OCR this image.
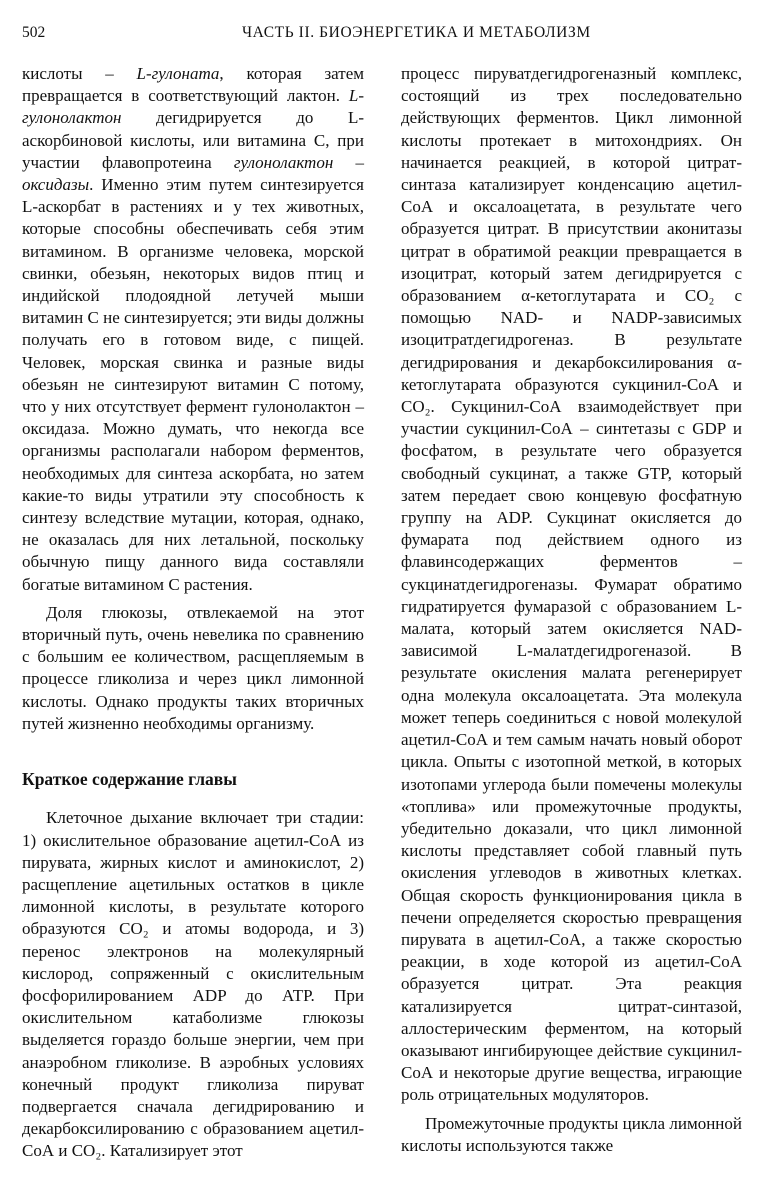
502	ЧАСТЬ II. БИОЭНЕРГЕТИКА И МЕТАБОЛИЗМ

кислоты – L-гулоната, которая затем превращается в соответствующий лактон. L-гулонолактон дегидрируется до L-аскорбиновой кислоты, или витамина С, при участии флавопротеина гулонолактон – оксидазы. Именно этим путем синтезируется L-аскорбат в растениях и у тех животных, которые способны обеспечивать себя этим витамином. В организме человека, морской свинки, обезьян, некоторых видов птиц и индийской плодоядной летучей мыши витамин С не синтезируется; эти виды должны получать его в готовом виде, с пищей. Человек, морская свинка и разные виды обезьян не синтезируют витамин С потому, что у них отсутствует фермент гулонолактон – оксидаза. Можно думать, что некогда все организмы располагали набором ферментов, необходимых для синтеза аскорбата, но затем какие-то виды утратили эту способность к синтезу вследствие мутации, которая, однако, не оказалась для них летальной, поскольку обычную пищу данного вида составляли богатые витамином С растения.

Доля глюкозы, отвлекаемой на этот вторичный путь, очень невелика по сравнению с большим ее количеством, расщепляемым в процессе гликолиза и через цикл лимонной кислоты. Однако продукты таких вторичных путей жизненно необходимы организму.

Краткое содержание главы

Клеточное дыхание включает три стадии: 1) окислительное образование ацетил-СоА из пирувата, жирных кислот и аминокислот, 2) расщепление ацетильных остатков в цикле лимонной кислоты, в результате которого образуются СО₂ и атомы водорода, и 3) перенос электронов на молекулярный кислород, сопряженный с окислительным фосфорилированием ADP до АТР. При окислительном катаболизме глюкозы выделяется гораздо больше энергии, чем при анаэробном гликолизе. В аэробных условиях конечный продукт гликолиза пируват подвергается сначала дегидрированию и декарбоксилированию с образованием ацетил-СоА и СО₂. Катализирует этот

процесс пируватдегидрогеназный комплекс, состоящий из трех последовательно действующих ферментов. Цикл лимонной кислоты протекает в митохондриях. Он начинается реакцией, в которой цитрат-синтаза катализирует конденсацию ацетил-СоА и оксалоацетата, в результате чего образуется цитрат. В присутствии аконитазы цитрат в обратимой реакции превращается в изоцитрат, который затем дегидрируется с образованием α-кетоглутарата и СО₂ с помощью NAD- и NADP-зависимых изоцитратдегидрогеназ. В результате дегидрирования и декарбоксилирования α-кетоглутарата образуются сукцинил-СоА и СО₂. Сукцинил-СоА взаимодействует при участии сукцинил-СоА – синтетазы с GDP и фосфатом, в результате чего образуется свободный сукцинат, а также GTP, который затем передает свою концевую фосфатную группу на ADP. Сукцинат окисляется до фумарата под действием одного из флавинсодержащих ферментов – сукцинатдегидрогеназы. Фумарат обратимо гидратируется фумаразой с образованием L-малата, который затем окисляется NAD-зависимой L-малатдегидрогеназой. В результате окисления малата регенерирует одна молекула оксалоацетата. Эта молекула может теперь соединиться с новой молекулой ацетил-СоА и тем самым начать новый оборот цикла. Опыты с изотопной меткой, в которых изотопами углерода были помечены молекулы «топлива» или промежуточные продукты, убедительно доказали, что цикл лимонной кислоты представляет собой главный путь окисления углеводов в животных клетках. Общая скорость функционирования цикла в печени определяется скоростью превращения пирувата в ацетил-СоА, а также скоростью реакции, в ходе которой из ацетил-СоА образуется цитрат. Эта реакция катализируется цитрат-синтазой, аллостерическим ферментом, на который оказывают ингибирующее действие сукцинил-СоА и некоторые другие вещества, играющие роль отрицательных модуляторов.

Промежуточные продукты цикла лимонной кислоты используются также
